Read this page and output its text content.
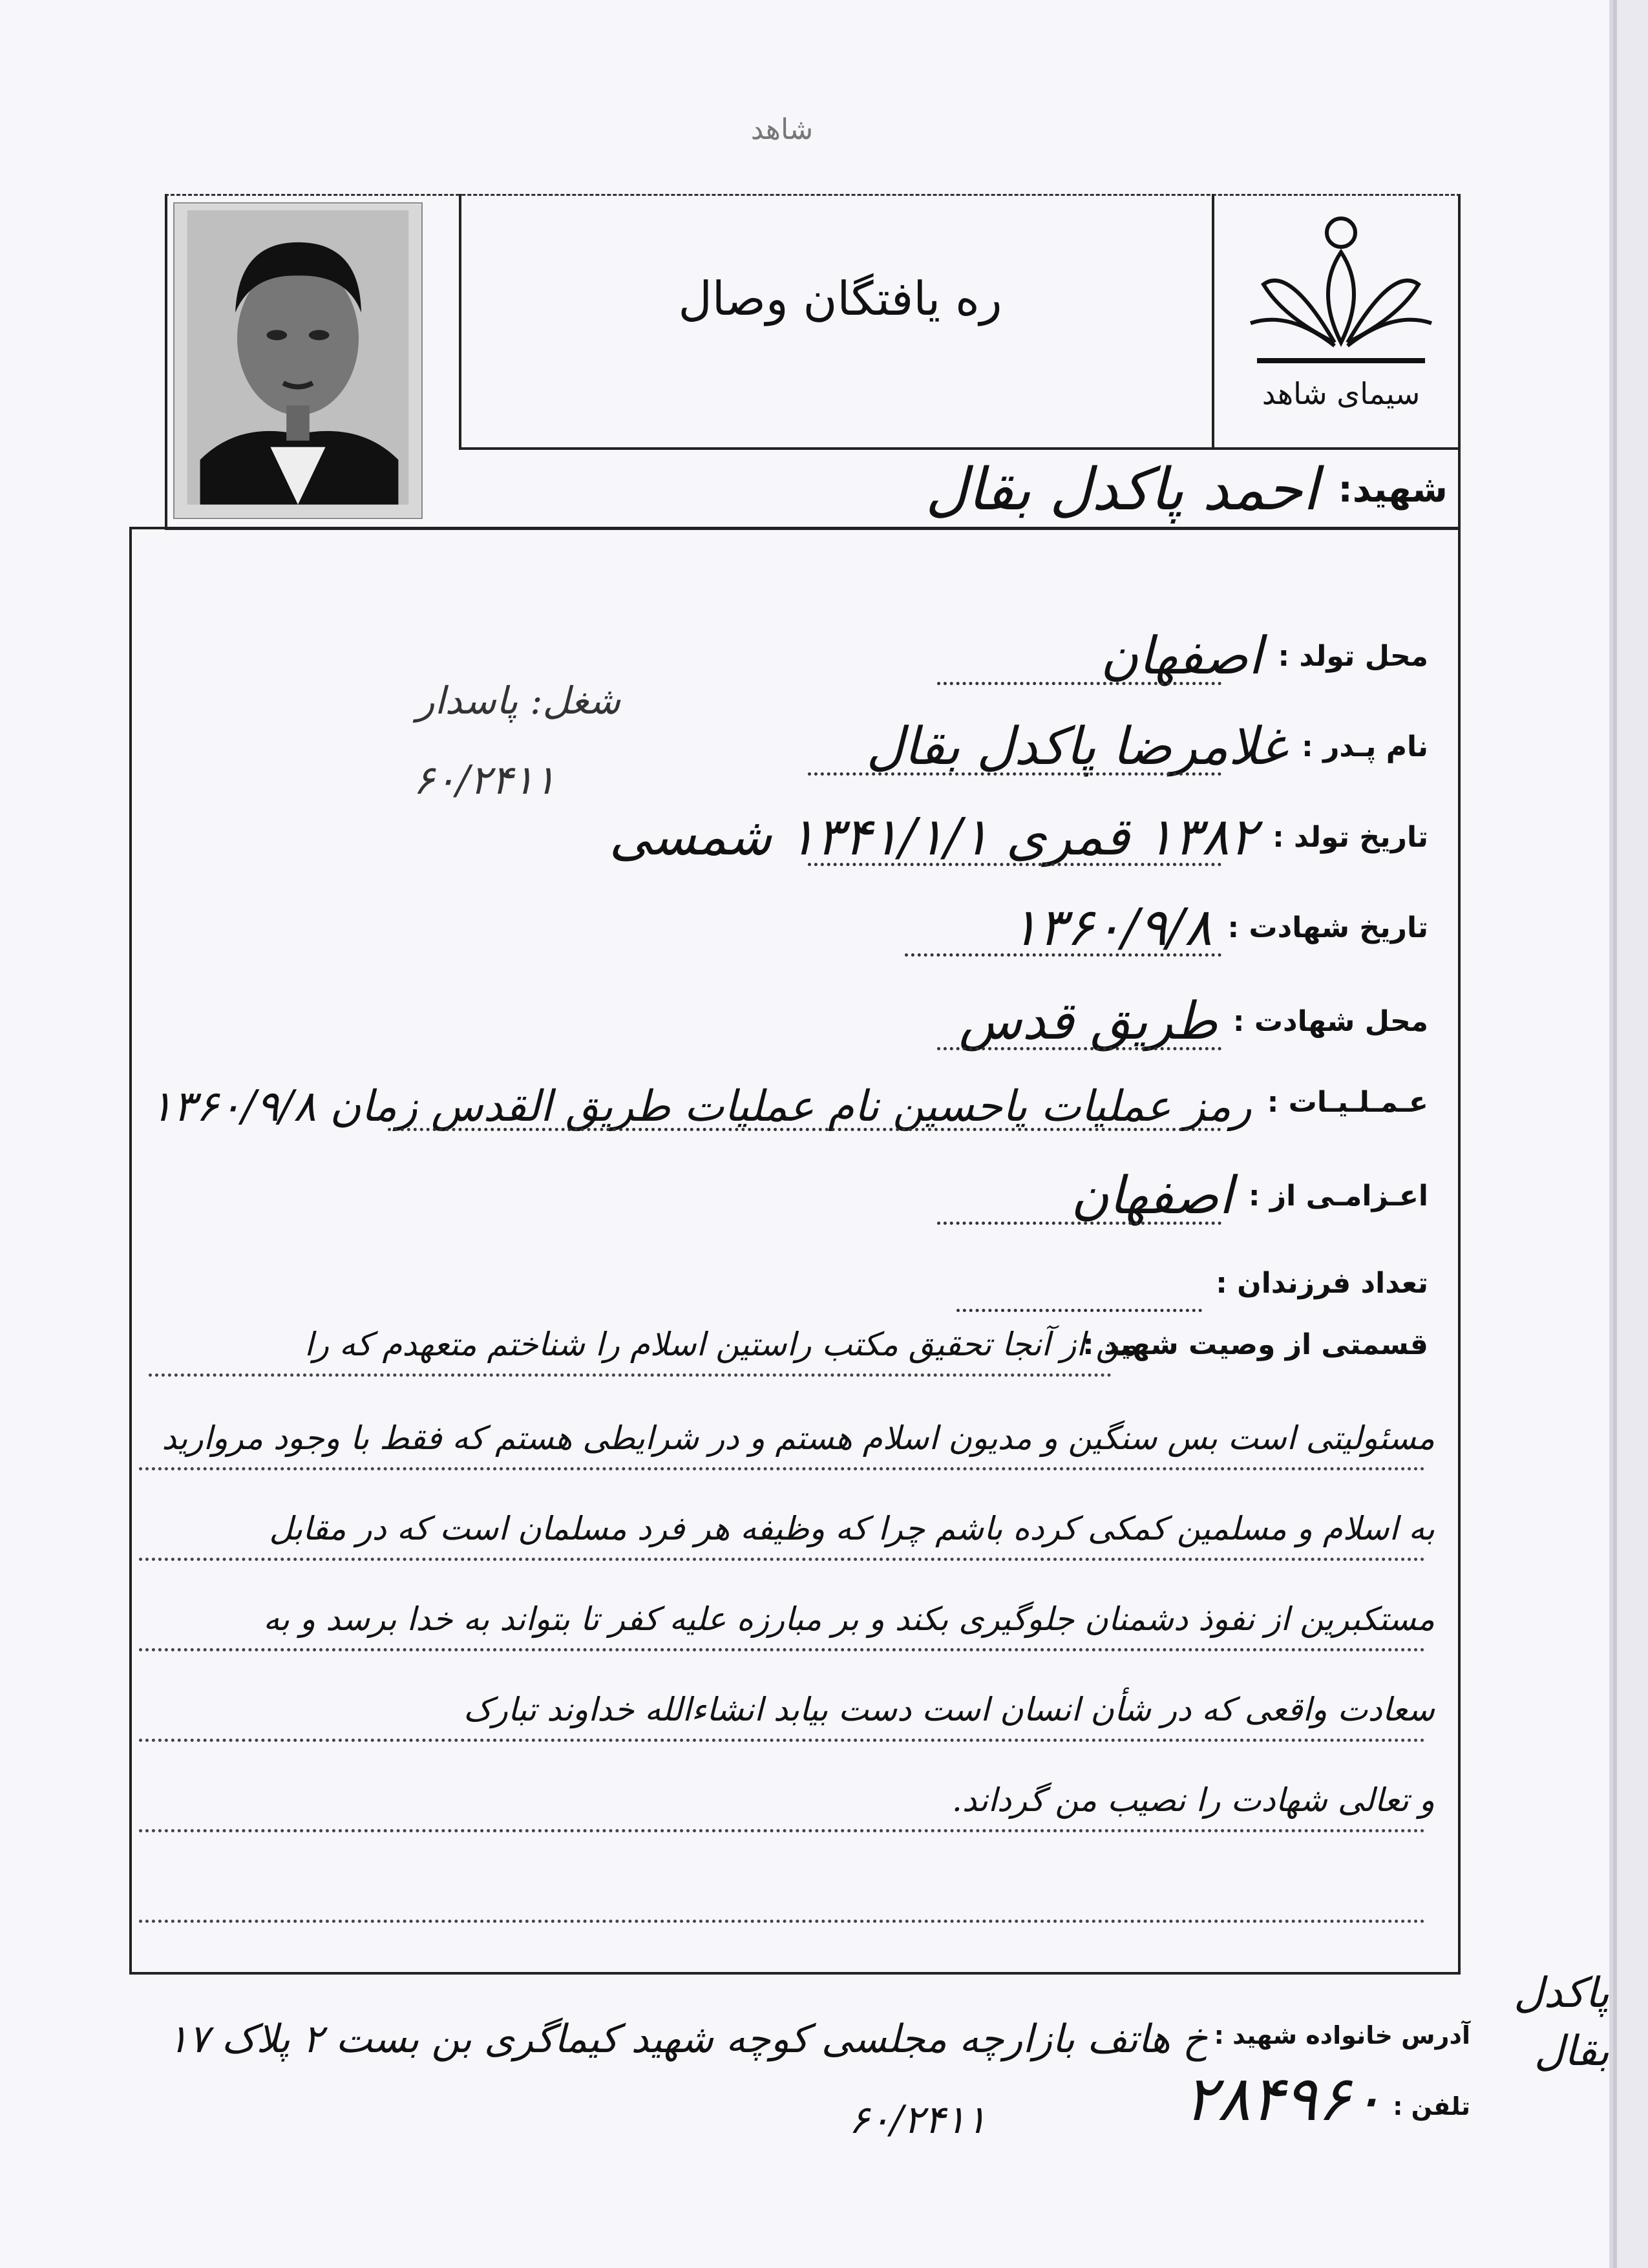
شاهد
ره یافتگان وصال
سیمای شاهد
شهید:
احمد پاکدل بقال
محل تولد :
اصفهان
نام پـدر :
غلامرضا پاکدل بقال
تاریخ تولد :
۱۳۸۲ قمری ۱۳۴۱/۱/۱ شمسی
تاریخ شهادت :
۱۳۶۰/۹/۸
محل شهادت :
طریق قدس
عـمـلـیـات :
رمز عملیات یاحسین نام عملیات طریق القدس زمان ۱۳۶۰/۹/۸
اعـزامـی از :
اصفهان
تعداد فرزندان :
شغل: پاسدار
۶۰/۲۴۱۱
قسمتی از وصیت شهید :
من از آنجا تحقیق مکتب راستین اسلام را شناختم متعهدم که را
مسئولیتی است بس سنگین و مدیون اسلام هستم و در شرایطی هستم که فقط با وجود مروارید
به اسلام و مسلمین کمکی کرده باشم چرا که وظیفه هر فرد مسلمان است که در مقابل
مستکبرین از نفوذ دشمنان جلوگیری بکند و بر مبارزه علیه کفر تا بتواند به خدا برسد و به
سعادت واقعی که در شأن انسان است دست بیابد انشاءالله خداوند تبارک
و تعالی شهادت را نصیب من گرداند.
آدرس خانواده شهید :
خ هاتف بازارچه مجلسی کوچه شهید کیماگری بن بست ۲ پلاک ۱۷
تلفن :
۲۸۴۹۶۰
۶۰/۲۴۱۱
پاکدل بقال
